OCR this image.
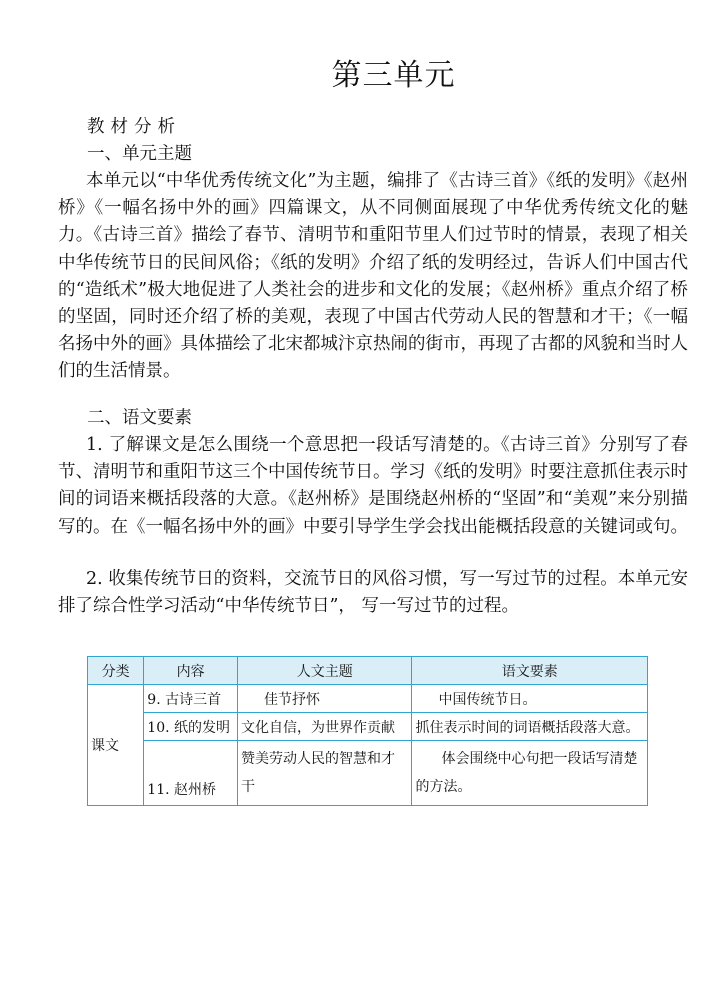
第三单元
教材分析
一、单元主题
本单元以“中华优秀传统文化”为主题，编排了《古诗三首》《纸的发明》《赵州桥》《一幅名扬中外的画》四篇课文，从不同侧面展现了中华优秀传统文化的魅力。《古诗三首》描绘了春节、清明节和重阳节里人们过节时的情景，表现了相关中华传统节日的民间风俗；《纸的发明》介绍了纸的发明经过，告诉人们中国古代的“造纸术”极大地促进了人类社会的进步和文化的发展；《赵州桥》重点介绍了桥的坚固，同时还介绍了桥的美观，表现了中国古代劳动人民的智慧和才干；《一幅名扬中外的画》具体描绘了北宋都城汴京热闹的街市，再现了古都的风貌和当时人们的生活情景。
二、语文要素
1. 了解课文是怎么围绕一个意思把一段话写清楚的。《古诗三首》分别写了春 节、清明节和重阳节这三个中国传统节日。学习《纸的发明》时要注意抓住表示时间的词语来概括段落的大意。《赵州桥》是围绕赵州桥的“坚固”和“美观”来分别描写的。在《一幅名扬中外的画》中要引导学生学会找出能概括段意的关键词或句。
2. 收集传统节日的资料，交流节日的风俗习惯，写一写过节的过程。本单元安排了综合性学习活动“中华传统节日”， 写一写过节的过程。
分类	内容	人文主题	语文要素
课文	9. 古诗三首	佳节抒怀	中国传统节日。
	10. 纸的发明	文化自信，为世界作贡献	抓住表示时间的词语概括段落大意。
	11. 赵州桥	赞美劳动人民的智慧和才干	体会围绕中心句把一段话写清楚的方法。
